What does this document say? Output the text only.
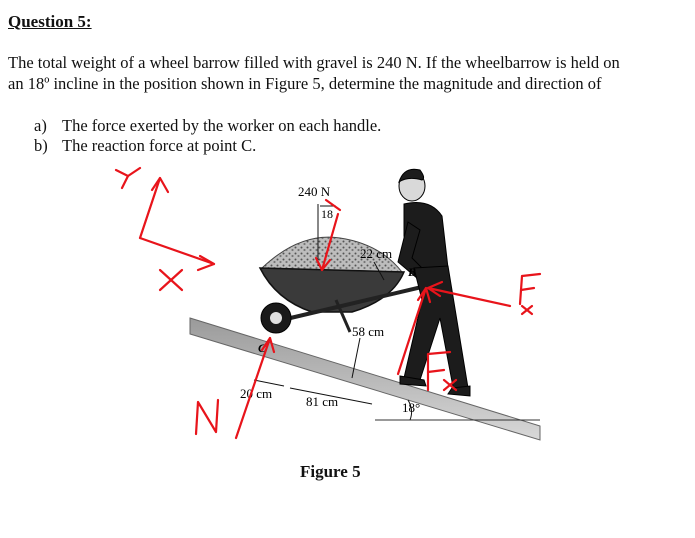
Question 5:
The total weight of a wheel barrow filled with gravel is 240 N. If the wheelbarrow is held on
an 18º incline in the position shown in Figure 5, determine the magnitude and direction of
a) The force exerted by the worker on each handle.
b) The reaction force at point C.
240 N
18
22 cm
58 cm
20 cm
81 cm	18°
B
C
Figure 5
